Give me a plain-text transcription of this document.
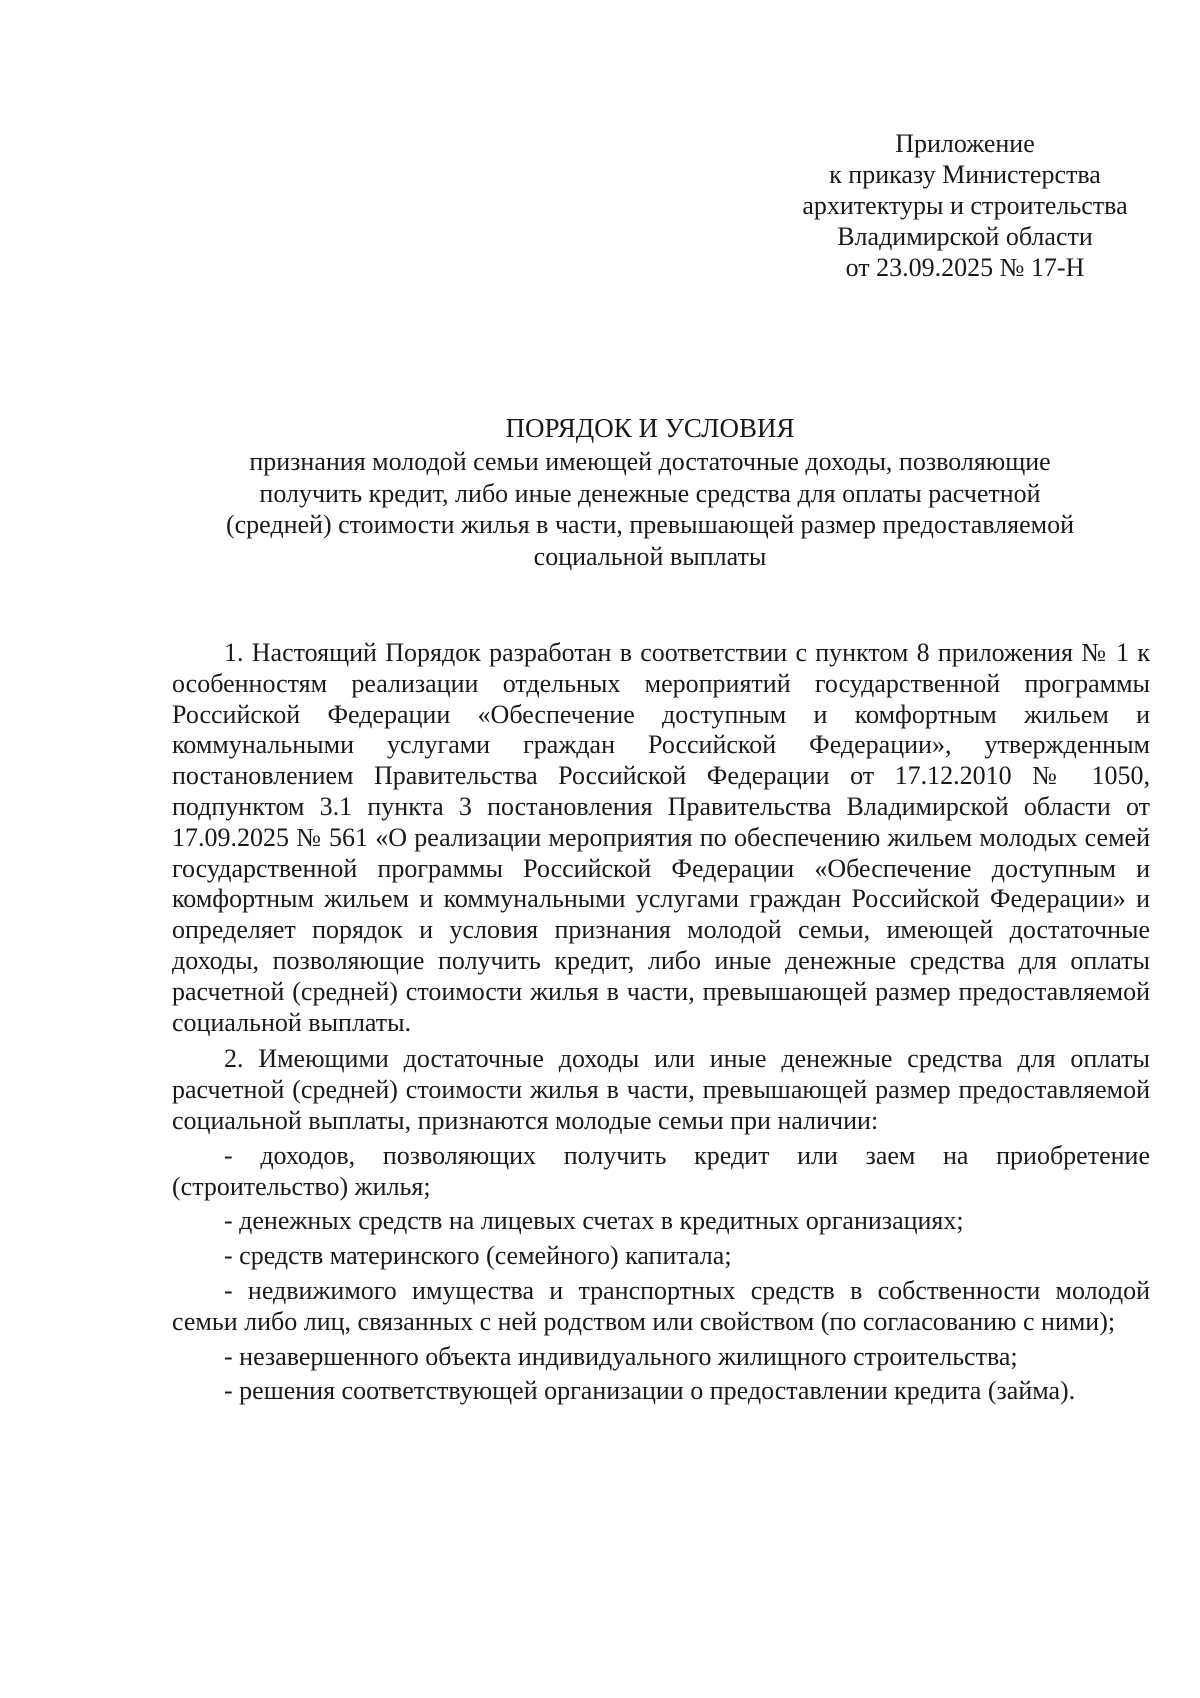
Приложение
к приказу Министерства
архитектуры и строительства
Владимирской области
от 23.09.2025 № 17-Н
ПОРЯДОК И УСЛОВИЯ
признания молодой семьи имеющей достаточные доходы, позволяющие
получить кредит, либо иные денежные средства для оплаты расчетной
(средней) стоимости жилья в части, превышающей размер предоставляемой
социальной выплаты

1. Настоящий Порядок разработан в соответствии с пунктом 8 приложения № 1 к особенностям реализации отдельных мероприятий государственной программы Российской Федерации «Обеспечение доступным и комфортным жильем и коммунальными услугами граждан Российской Федерации», утвержденным постановлением Правительства Российской Федерации от 17.12.2010 № 1050, подпунктом 3.1 пункта 3 постановления Правительства Владимирской области от 17.09.2025 № 561 «О реализации мероприятия по обеспечению жильем молодых семей государственной программы Российской Федерации «Обеспечение доступным и комфортным жильем и коммунальными услугами граждан Российской Федерации» и определяет порядок и условия признания молодой семьи, имеющей достаточные доходы, позволяющие получить кредит, либо иные денежные средства для оплаты расчетной (средней) стоимости жилья в части, превышающей размер предоставляемой социальной выплаты.

2. Имеющими достаточные доходы или иные денежные средства для оплаты расчетной (средней) стоимости жилья в части, превышающей размер предоставляемой социальной выплаты, признаются молодые семьи при наличии:

- доходов, позволяющих получить кредит или заем на приобретение (строительство) жилья;

- денежных средств на лицевых счетах в кредитных организациях;

- средств материнского (семейного) капитала;

- недвижимого имущества и транспортных средств в собственности молодой семьи либо лиц, связанных с ней родством или свойством (по согласованию с ними);

- незавершенного объекта индивидуального жилищного строительства;

- решения соответствующей организации о предоставлении кредита (займа).
